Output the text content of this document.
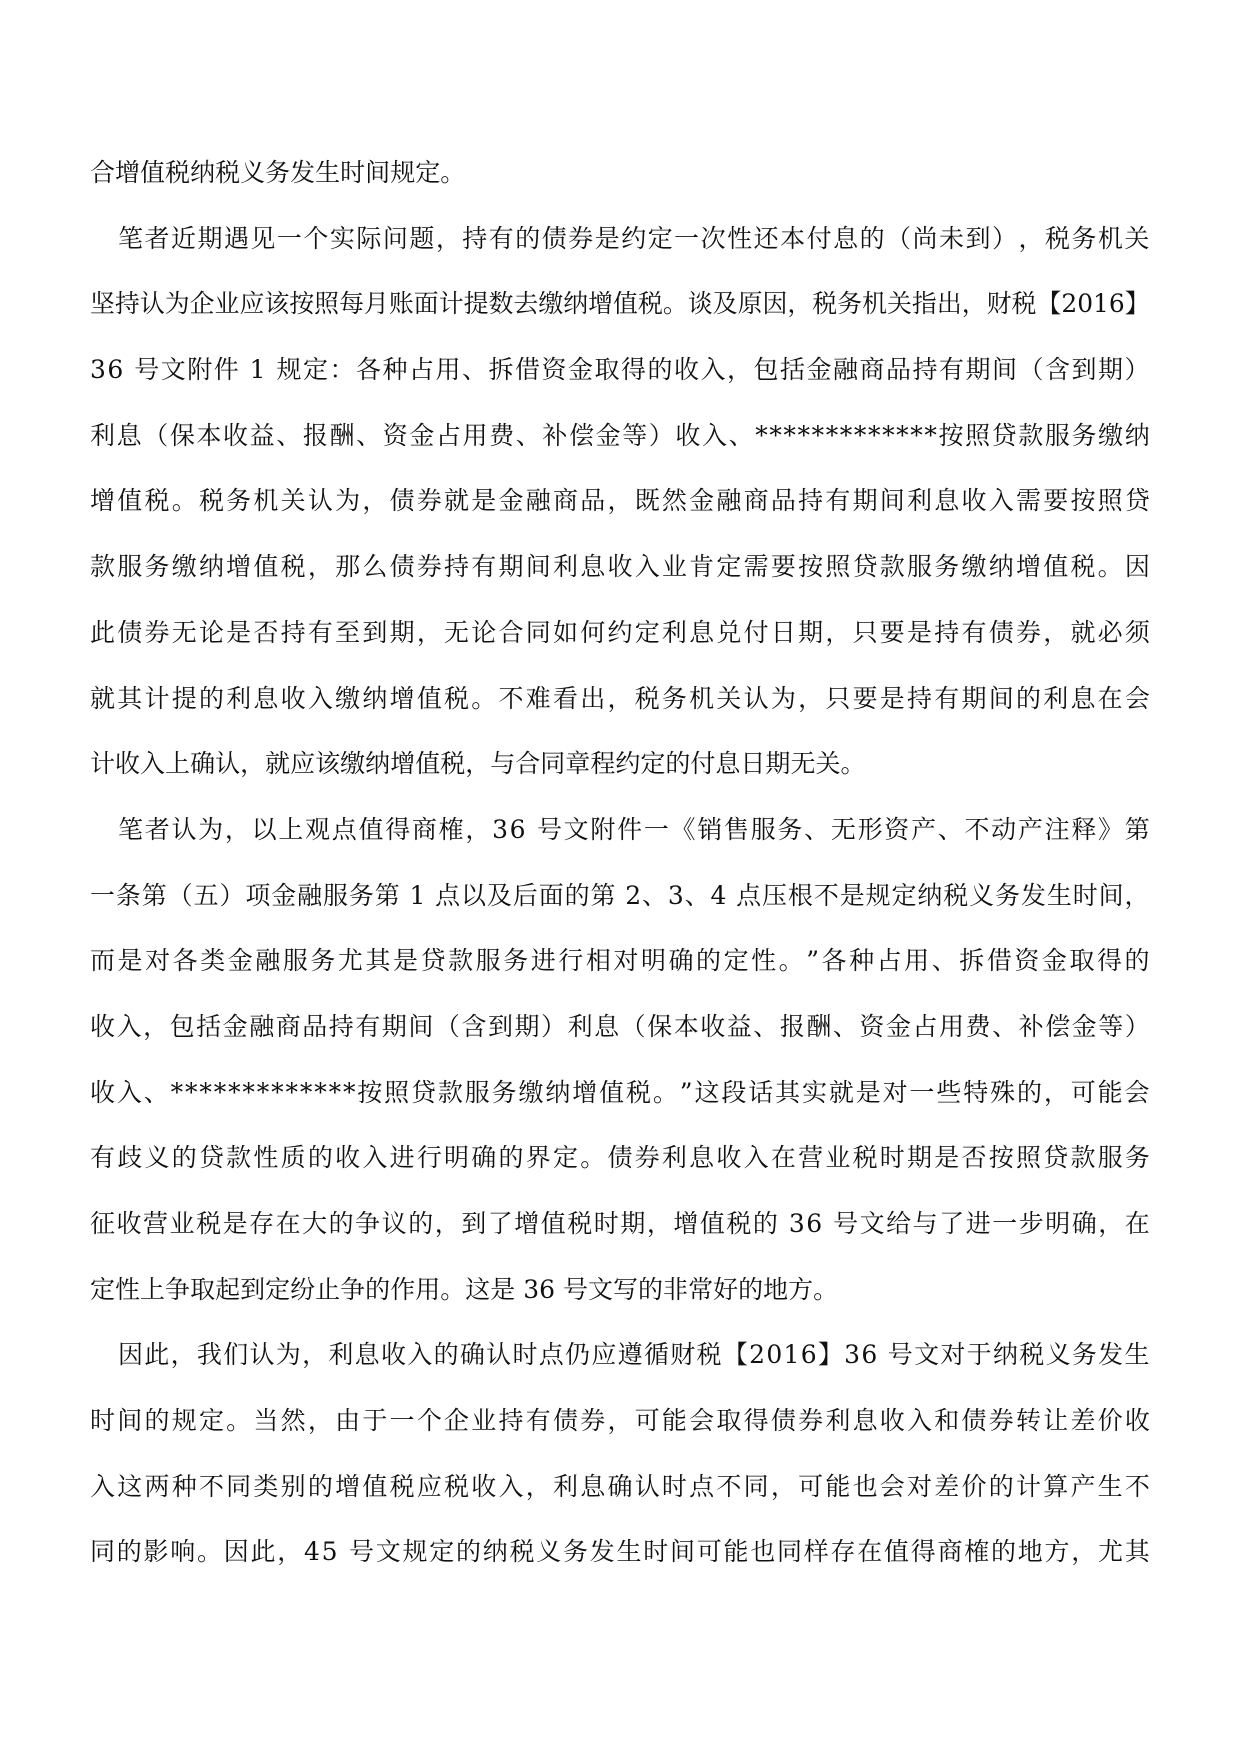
合 增 值 税 纳 税 义 务 发 生 时 间 规 定 。
笔 者 近 期 遇 见 一 个 实 际 问 题 ， 持 有 的 债 券 是 约 定 一 次 性 还 本 付 息 的 （ 尚 未 到 ） ， 税 务 机 关
坚 持 认 为 企 业 应 该 按 照 每 月 账 面 计 提 数 去 缴 纳 增 值 税 。 谈 及 原 因 ， 税 务 机 关 指 出 ， 财 税 【 2 0 1 6 】
3 6
号 文 附 件
1
规 定 ： 各 种 占 用 、 拆 借 资 金 取 得 的 收 入 ， 包 括 金 融 商 品 持 有 期 间 （ 含 到 期 ）
利 息 （ 保 本 收 益 、 报 酬 、 资 金 占 用 费 、 补 偿 金 等 ） 收 入 、 * * * * * * * * * * * * * 按 照 贷 款 服 务 缴 纳
增 值 税 。 税 务 机 关 认 为 ， 债 券 就 是 金 融 商 品 ， 既 然 金 融 商 品 持 有 期 间 利 息 收 入 需 要 按 照 贷
款 服 务 缴 纳 增 值 税 ， 那 么 债 券 持 有 期 间 利 息 收 入 业 肯 定 需 要 按 照 贷 款 服 务 缴 纳 增 值 税 。 因
此 债 券 无 论 是 否 持 有 至 到 期 ， 无 论 合 同 如 何 约 定 利 息 兑 付 日 期 ， 只 要 是 持 有 债 券 ， 就 必 须
就 其 计 提 的 利 息 收 入 缴 纳 增 值 税 。 不 难 看 出 ， 税 务 机 关 认 为 ， 只 要 是 持 有 期 间 的 利 息 在 会
计 收 入 上 确 认 ， 就 应 该 缴 纳 增 值 税 ， 与 合 同 章 程 约 定 的 付 息 日 期 无 关 。
笔 者 认 为 ， 以 上 观 点 值 得 商 榷 ， 3 6
号 文 附 件 一 《 销 售 服 务 、 无 形 资 产 、 不 动 产 注 释 》 第
一 条 第 （ 五 ） 项 金 融 服 务 第
1
点 以 及 后 面 的 第
2 、 3 、 4
点 压 根 不 是 规 定 纳 税 义 务 发 生 时 间 ，
而 是 对 各 类 金 融 服 务 尤 其 是 贷 款 服 务 进 行 相 对 明 确 的 定 性 。 ” 各 种 占 用 、 拆 借 资 金 取 得 的
收 入 ， 包 括 金 融 商 品 持 有 期 间 （ 含 到 期 ） 利 息 （ 保 本 收 益 、 报 酬 、 资 金 占 用 费 、 补 偿 金 等 ）
收 入 、 * * * * * * * * * * * * * 按 照 贷 款 服 务 缴 纳 增 值 税 。 ” 这 段 话 其 实 就 是 对 一 些 特 殊 的 ， 可 能 会
有 歧 义 的 贷 款 性 质 的 收 入 进 行 明 确 的 界 定 。 债 券 利 息 收 入 在 营 业 税 时 期 是 否 按 照 贷 款 服 务
征 收 营 业 税 是 存 在 大 的 争 议 的 ， 到 了 增 值 税 时 期 ， 增 值 税 的
3 6
号 文 给 与 了 进 一 步 明 确 ， 在
定 性 上 争 取 起 到 定 纷 止 争 的 作 用 。 这 是
3 6
号 文 写 的 非 常 好 的 地 方 。
因 此 ， 我 们 认 为 ， 利 息 收 入 的 确 认 时 点 仍 应 遵 循 财 税 【 2 0 1 6 】 3 6
号 文 对 于 纳 税 义 务 发 生
时 间 的 规 定 。 当 然 ， 由 于 一 个 企 业 持 有 债 券 ， 可 能 会 取 得 债 券 利 息 收 入 和 债 券 转 让 差 价 收
入 这 两 种 不 同 类 别 的 增 值 税 应 税 收 入 ， 利 息 确 认 时 点 不 同 ， 可 能 也 会 对 差 价 的 计 算 产 生 不
同 的 影 响 。 因 此 ， 4 5
号 文 规 定 的 纳 税 义 务 发 生 时 间 可 能 也 同 样 存 在 值 得 商 榷 的 地 方 ， 尤 其
